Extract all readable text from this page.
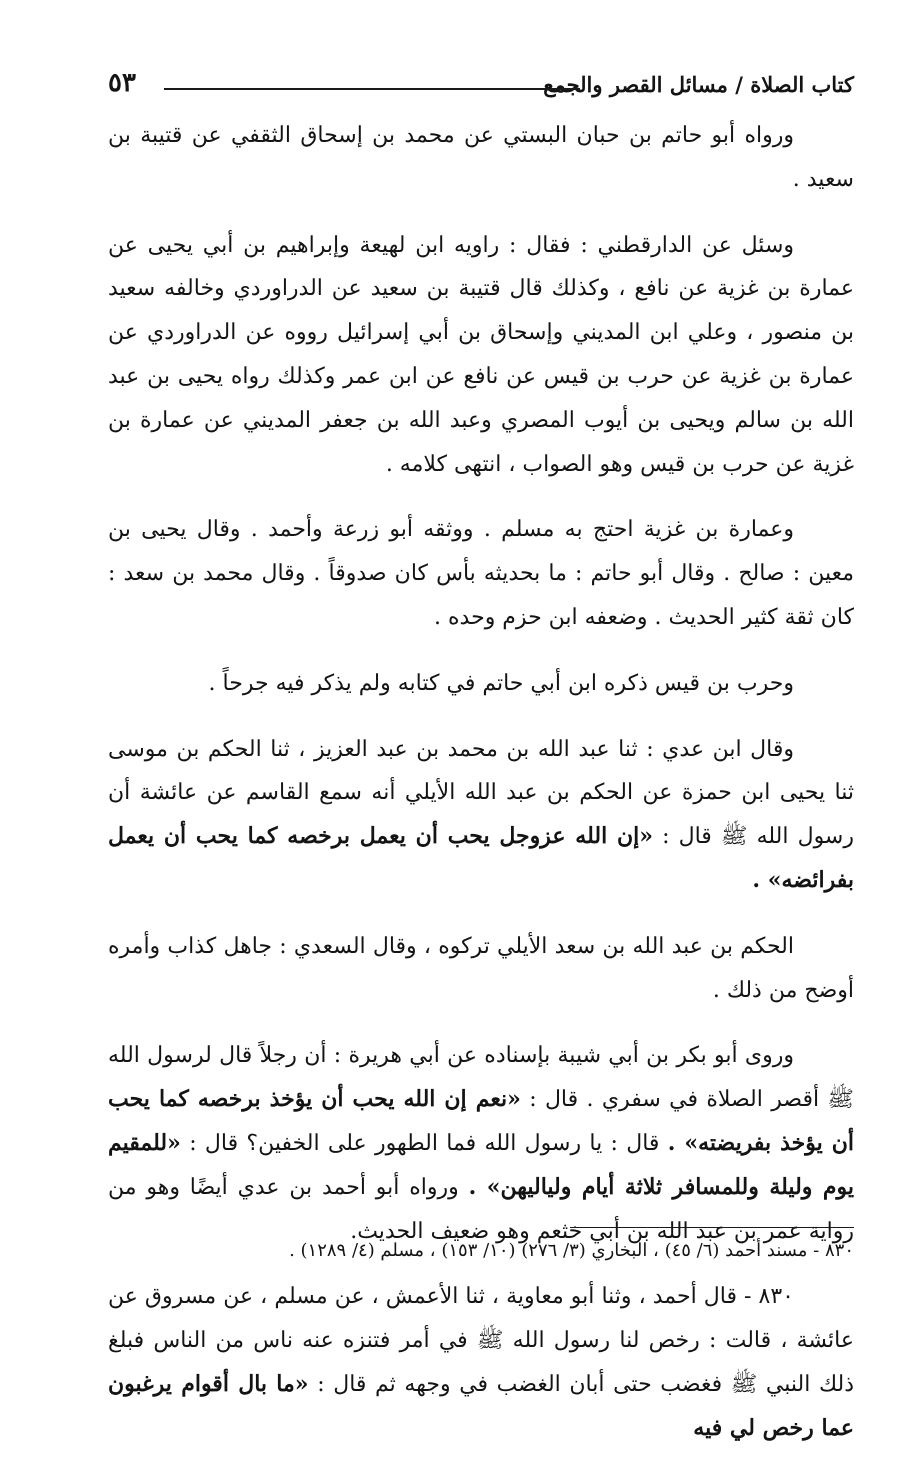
كتاب الصلاة / مسائل القصر والجمع
٥٣

ورواه أبو حاتم بن حبان البستي عن محمد بن إسحاق الثقفي عن قتيبة بن سعيد .

وسئل عن الدارقطني : فقال : راويه ابن لهيعة وإبراهيم بن أبي يحيى عن عمارة بن غزية عن نافع ، وكذلك قال قتيبة بن سعيد عن الدراوردي وخالفه سعيد بن منصور ، وعلي ابن المديني وإسحاق بن أبي إسرائيل رووه عن الدراوردي عن عمارة بن غزية عن حرب بن قيس عن نافع عن ابن عمر وكذلك رواه يحيى بن عبد الله بن سالم ويحيى بن أيوب المصري وعبد الله بن جعفر المديني عن عمارة بن غزية عن حرب بن قيس وهو الصواب ، انتهى كلامه .

وعمارة بن غزية احتج به مسلم . ووثقه أبو زرعة وأحمد . وقال يحيى بن معين : صالح . وقال أبو حاتم : ما بحديثه بأس كان صدوقاً . وقال محمد بن سعد : كان ثقة كثير الحديث . وضعفه ابن حزم وحده .

وحرب بن قيس ذكره ابن أبي حاتم في كتابه ولم يذكر فيه جرحاً .

وقال ابن عدي : ثنا عبد الله بن محمد بن عبد العزيز ، ثنا الحكم بن موسى ثنا يحيى ابن حمزة عن الحكم بن عبد الله الأيلي أنه سمع القاسم عن عائشة أن رسول الله ﷺ قال : «إن الله عزوجل يحب أن يعمل برخصه كما يحب أن يعمل بفرائضه» .

الحكم بن عبد الله بن سعد الأيلي تركوه ، وقال السعدي : جاهل كذاب وأمره أوضح من ذلك .

وروى أبو بكر بن أبي شيبة بإسناده عن أبي هريرة : أن رجلاً قال لرسول الله ﷺ أقصر الصلاة في سفري . قال : «نعم إن الله يحب أن يؤخذ برخصه كما يحب أن يؤخذ بفريضته» . قال : يا رسول الله فما الطهور على الخفين؟ قال : «للمقيم يوم وليلة وللمسافر ثلاثة أيام ولياليهن» . ورواه أبو أحمد بن عدي أيضًا وهو من رواية عمر بن عبد الله بن أبي خثعم وهو ضعيف الحديث.

٨٣٠ - قال أحمد ، وثنا أبو معاوية ، ثنا الأعمش ، عن مسلم ، عن مسروق عن عائشة ، قالت : رخص لنا رسول الله ﷺ في أمر فتنزه عنه ناس من الناس فبلغ ذلك النبي ﷺ فغضب حتى أبان الغضب في وجهه ثم قال : «ما بال أقوام يرغبون عما رخص لي فيه

٨٣٠ - مسند أحمد (٦/ ٤٥) ، البخاري (٣/ ٢٧٦) (١٠/ ١٥٣) ، مسلم (٤/ ١٢٨٩) .
